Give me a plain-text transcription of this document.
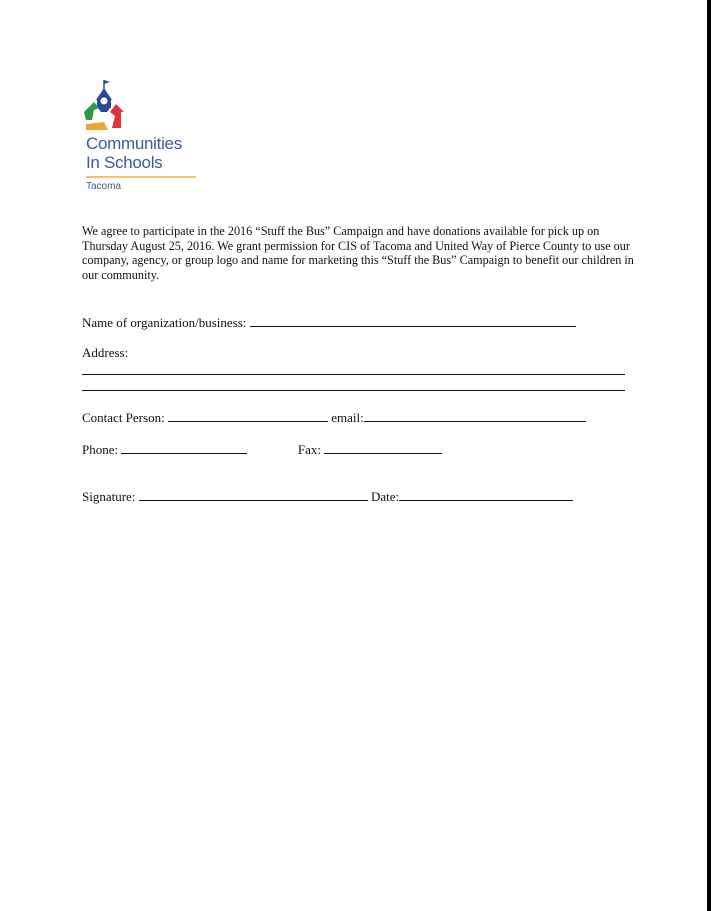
Communities
In Schools
Tacoma
We agree to participate in the 2016 “Stuff the Bus” Campaign and have donations available for pick up on Thursday August 25, 2016. We grant permission for CIS of Tacoma and United Way of Pierce County to use our company, agency, or group logo and name for marketing this “Stuff the Bus” Campaign to benefit our children in our community.
Name of organization/business:
Address:
Contact Person:	email:
Phone:	Fax:
Signature:	Date:
